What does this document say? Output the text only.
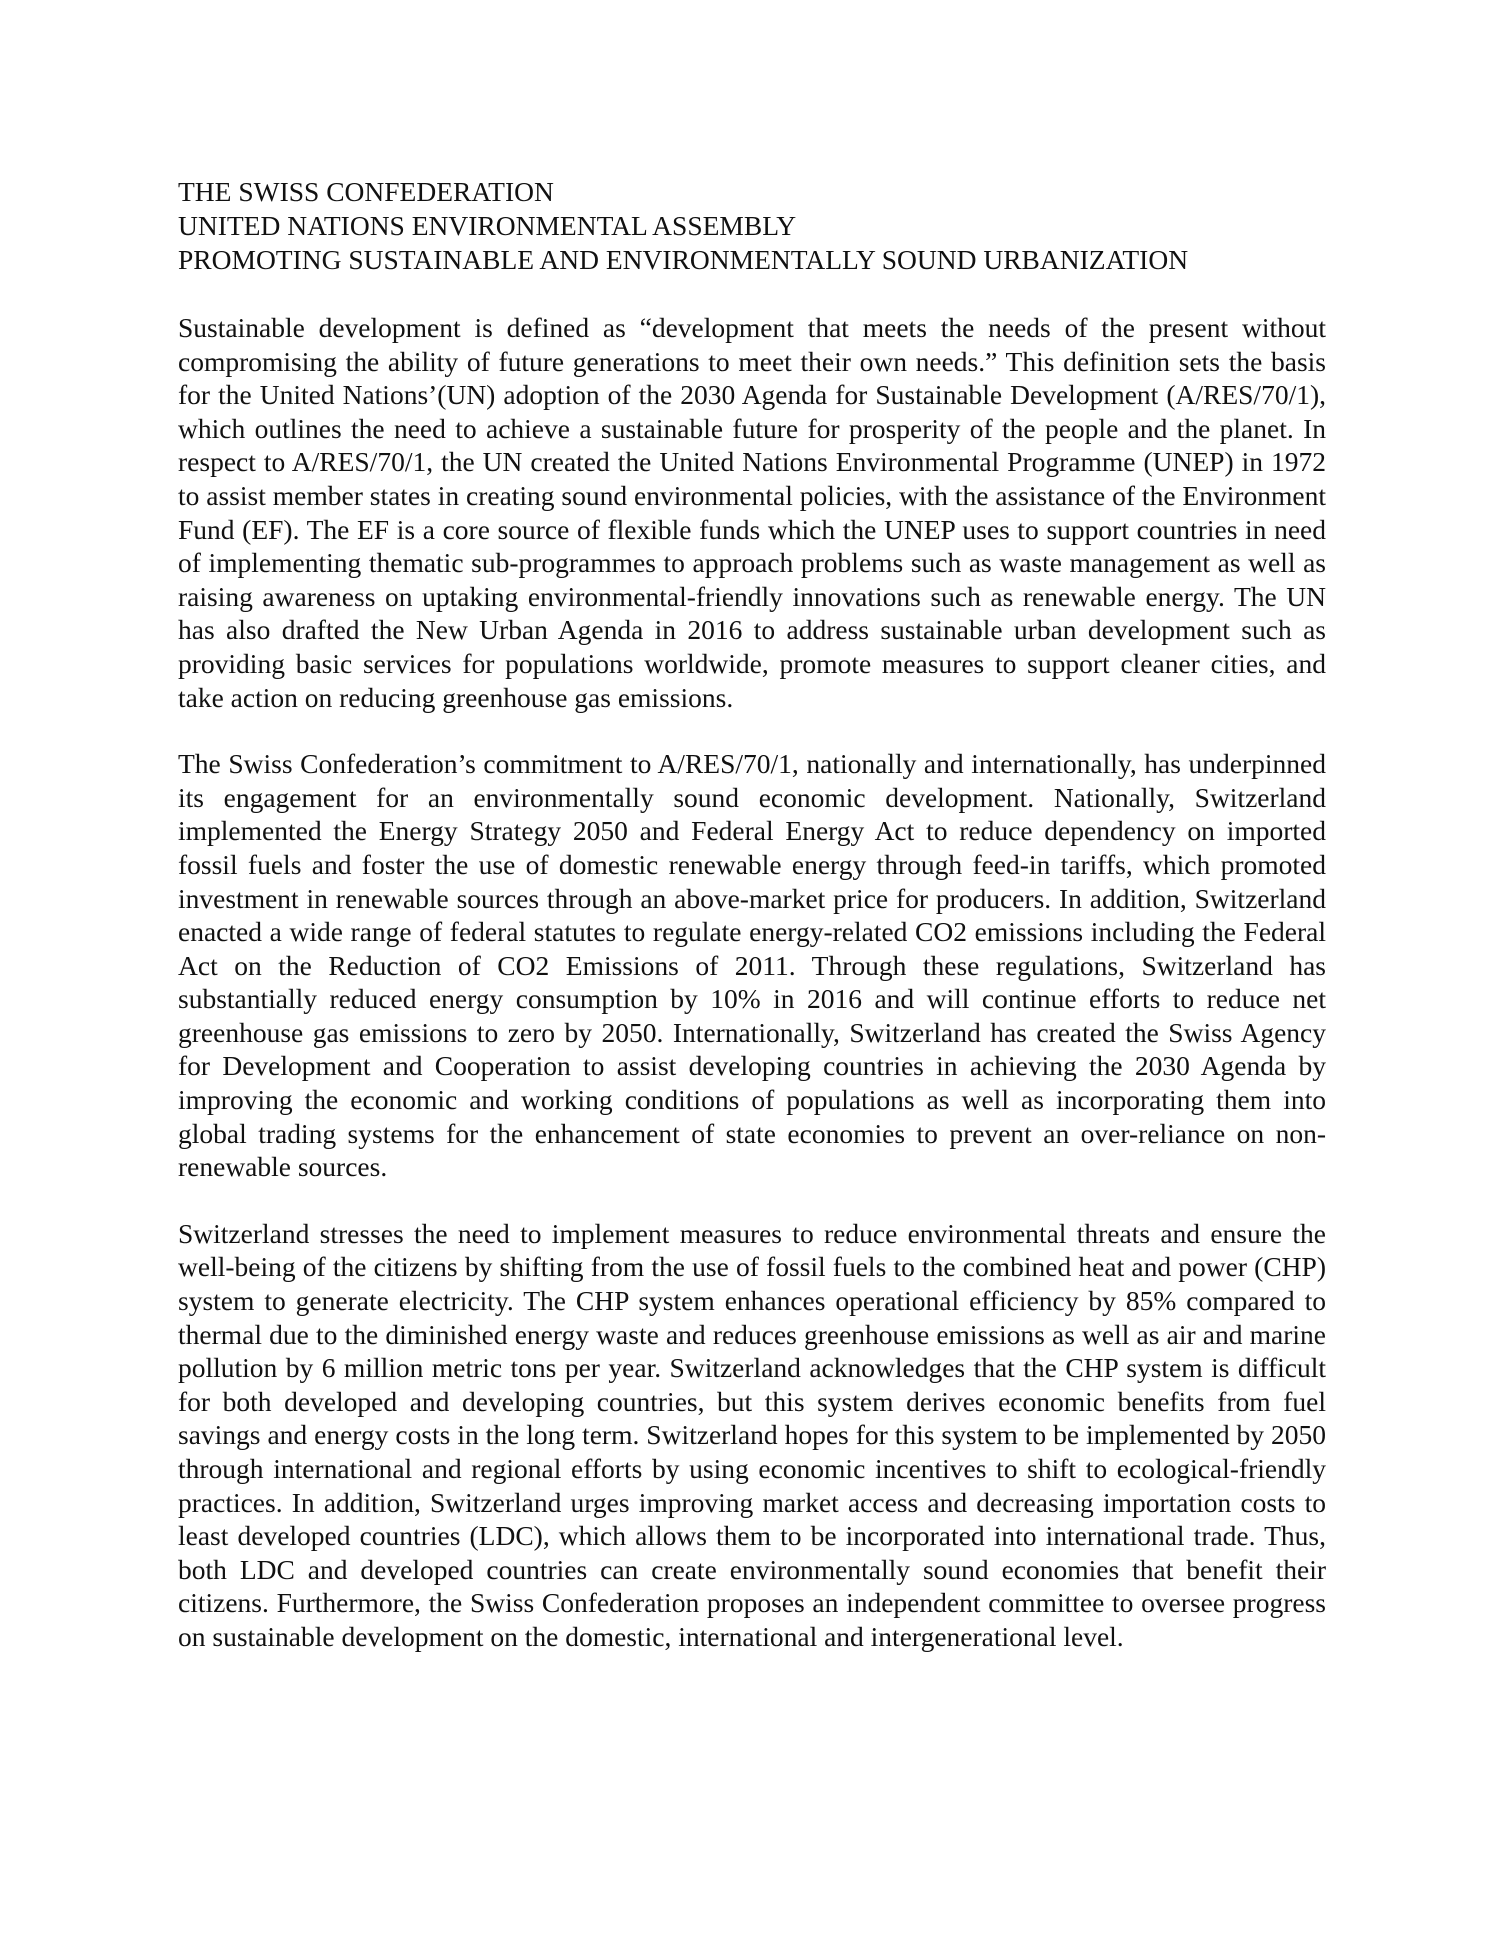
THE SWISS CONFEDERATION
UNITED NATIONS ENVIRONMENTAL ASSEMBLY
PROMOTING SUSTAINABLE AND ENVIRONMENTALLY SOUND URBANIZATION

Sustainable development is defined as “development that meets the needs of the present without compromising the ability of future generations to meet their own needs.” This definition sets the basis for the United Nations’(UN) adoption of the 2030 Agenda for Sustainable Development (A/RES/70/1), which outlines the need to achieve a sustainable future for prosperity of the people and the planet. In respect to A/RES/70/1, the UN created the United Nations Environmental Programme (UNEP) in 1972 to assist member states in creating sound environmental policies, with the assistance of the Environment Fund (EF). The EF is a core source of flexible funds which the UNEP uses to support countries in need of implementing thematic sub-programmes to approach problems such as waste management as well as raising awareness on uptaking environmental-friendly innovations such as renewable energy. The UN has also drafted the New Urban Agenda in 2016 to address sustainable urban development such as providing basic services for populations worldwide, promote measures to support cleaner cities, and take action on reducing greenhouse gas emissions.

The Swiss Confederation’s commitment to A/RES/70/1, nationally and internationally, has underpinned its engagement for an environmentally sound economic development. Nationally, Switzerland implemented the Energy Strategy 2050 and Federal Energy Act to reduce dependency on imported fossil fuels and foster the use of domestic renewable energy through feed-in tariffs, which promoted investment in renewable sources through an above-market price for producers. In addition, Switzerland enacted a wide range of federal statutes to regulate energy-related CO2 emissions including the Federal Act on the Reduction of CO2 Emissions of 2011. Through these regulations, Switzerland has substantially reduced energy consumption by 10% in 2016 and will continue efforts to reduce net greenhouse gas emissions to zero by 2050. Internationally, Switzerland has created the Swiss Agency for Development and Cooperation to assist developing countries in achieving the 2030 Agenda by improving the economic and working conditions of populations as well as incorporating them into global trading systems for the enhancement of state economies to prevent an over-reliance on non-renewable sources.

Switzerland stresses the need to implement measures to reduce environmental threats and ensure the well-being of the citizens by shifting from the use of fossil fuels to the combined heat and power (CHP) system to generate electricity. The CHP system enhances operational efficiency by 85% compared to thermal due to the diminished energy waste and reduces greenhouse emissions as well as air and marine pollution by 6 million metric tons per year. Switzerland acknowledges that the CHP system is difficult for both developed and developing countries, but this system derives economic benefits from fuel savings and energy costs in the long term. Switzerland hopes for this system to be implemented by 2050 through international and regional efforts by using economic incentives to shift to ecological-friendly practices. In addition, Switzerland urges improving market access and decreasing importation costs to least developed countries (LDC), which allows them to be incorporated into international trade. Thus, both LDC and developed countries can create environmentally sound economies that benefit their citizens. Furthermore, the Swiss Confederation proposes an independent committee to oversee progress on sustainable development on the domestic, international and intergenerational level.
